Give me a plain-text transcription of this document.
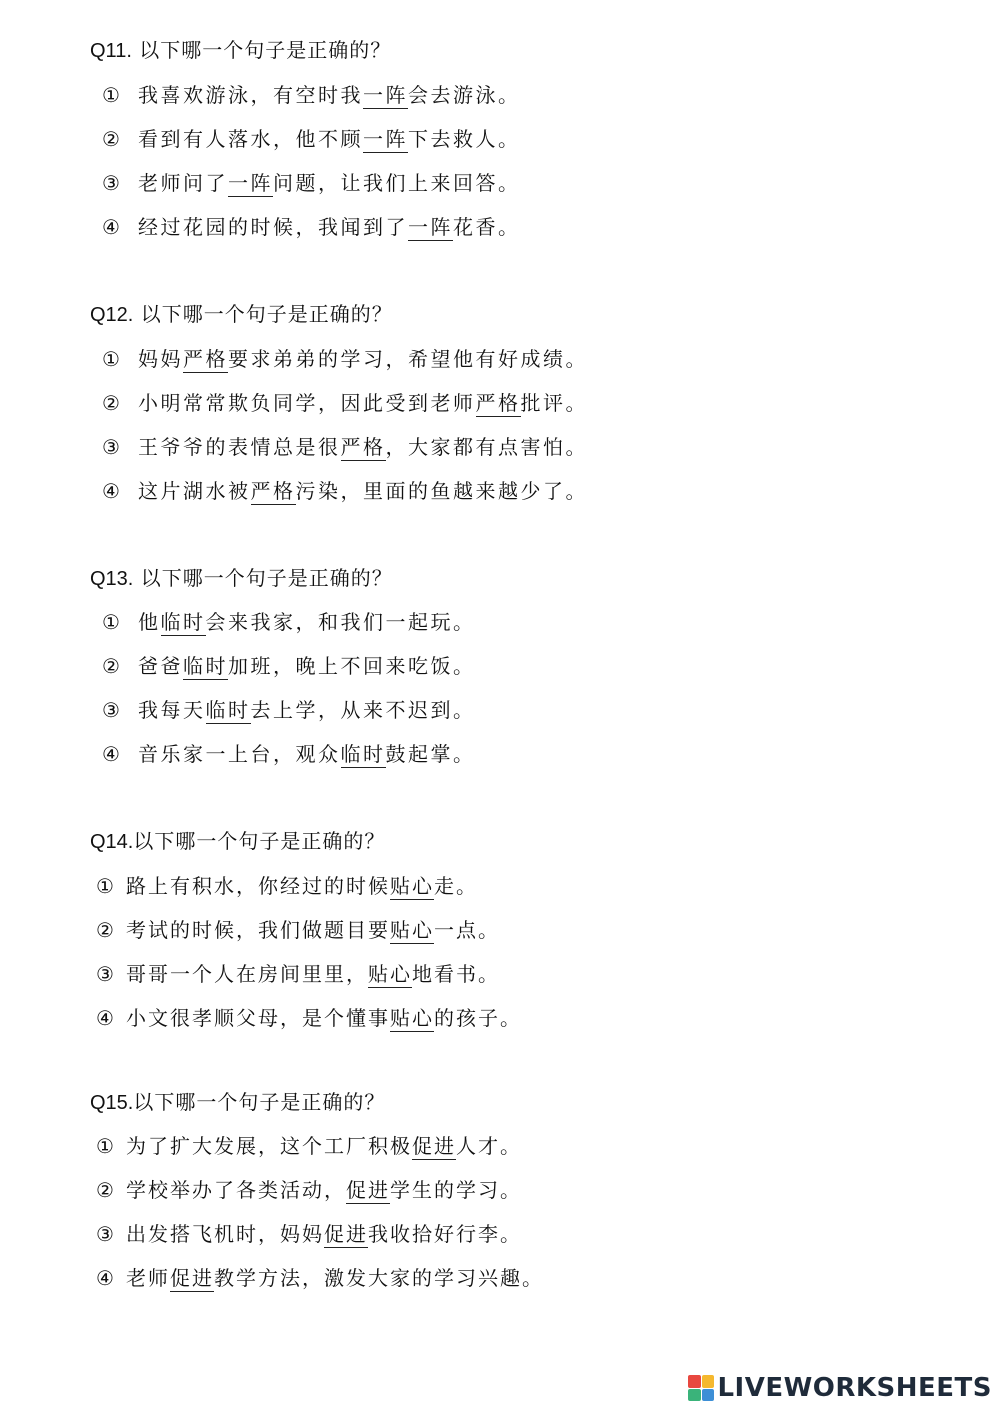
Q11. 以下哪一个句子是正确的？
① 我喜欢游泳，有空时我一阵会去游泳。
② 看到有人落水，他不顾一阵下去救人。
③ 老师问了一阵问题，让我们上来回答。
④ 经过花园的时候，我闻到了一阵花香。
Q12. 以下哪一个句子是正确的？
① 妈妈严格要求弟弟的学习，希望他有好成绩。
② 小明常常欺负同学，因此受到老师严格批评。
③ 王爷爷的表情总是很严格，大家都有点害怕。
④ 这片湖水被严格污染，里面的鱼越来越少了。
Q13. 以下哪一个句子是正确的？
① 他临时会来我家，和我们一起玩。
② 爸爸临时加班，晚上不回来吃饭。
③ 我每天临时去上学，从来不迟到。
④ 音乐家一上台，观众临时鼓起掌。
Q14.以下哪一个句子是正确的？
① 路上有积水，你经过的时候贴心走。
② 考试的时候，我们做题目要贴心一点。
③ 哥哥一个人在房间里里，贴心地看书。
④ 小文很孝顺父母，是个懂事贴心的孩子。
Q15.以下哪一个句子是正确的？
① 为了扩大发展，这个工厂积极促进人才。
② 学校举办了各类活动，促进学生的学习。
③ 出发搭飞机时，妈妈促进我收拾好行李。
④ 老师促进教学方法，激发大家的学习兴趣。
LIVEWORKSHEETS
